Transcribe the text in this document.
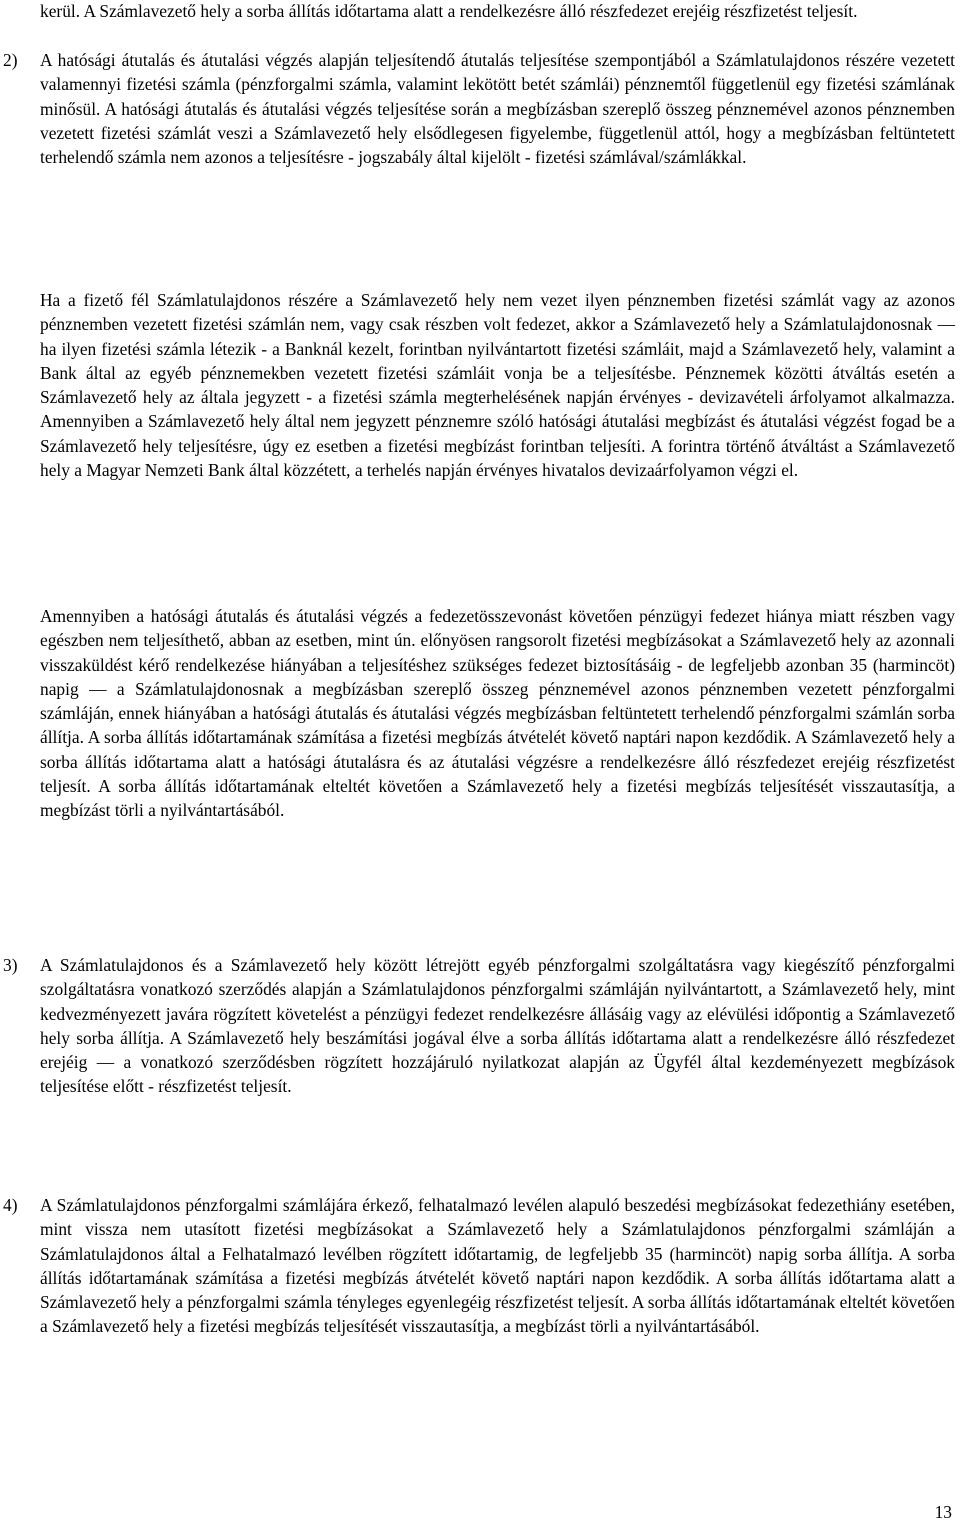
kerül. A Számlavezető hely a sorba állítás időtartama alatt a rendelkezésre álló részfedezet erejéig részfizetést teljesít.

2) A hatósági átutalás és átutalási végzés alapján teljesítendő átutalás teljesítése szempontjából a Számlatulajdonos részére vezetett valamennyi fizetési számla (pénzforgalmi számla, valamint lekötött betét számlái) pénznemtől függetlenül egy fizetési számlának minősül. A hatósági átutalás és átutalási végzés teljesítése során a megbízásban szereplő összeg pénznemével azonos pénznemben vezetett fizetési számlát veszi a Számlavezető hely elsődlegesen figyelembe, függetlenül attól, hogy a megbízásban feltüntetett terhelendő számla nem azonos a teljesítésre - jogszabály által kijelölt - fizetési számlával/számlákkal.

Ha a fizető fél Számlatulajdonos részére a Számlavezető hely nem vezet ilyen pénznemben fizetési számlát vagy az azonos pénznemben vezetett fizetési számlán nem, vagy csak részben volt fedezet, akkor a Számlavezető hely a Számlatulajdonosnak — ha ilyen fizetési számla létezik - a Banknál kezelt, forintban nyilvántartott fizetési számláit, majd a Számlavezető hely, valamint a Bank által az egyéb pénznemekben vezetett fizetési számláit vonja be a teljesítésbe. Pénznemek közötti átváltás esetén a Számlavezető hely az általa jegyzett - a fizetési számla megterhelésének napján érvényes - devizavételi árfolyamot alkalmazza. Amennyiben a Számlavezető hely által nem jegyzett pénznemre szóló hatósági átutalási megbízást és átutalási végzést fogad be a Számlavezető hely teljesítésre, úgy ez esetben a fizetési megbízást forintban teljesíti. A forintra történő átváltást a Számlavezető hely a Magyar Nemzeti Bank által közzétett, a terhelés napján érvényes hivatalos devizaárfolyamon végzi el.

Amennyiben a hatósági átutalás és átutalási végzés a fedezetösszevonást követően pénzügyi fedezet hiánya miatt részben vagy egészben nem teljesíthető, abban az esetben, mint ún. előnyösen rangsorolt fizetési megbízásokat a Számlavezető hely az azonnali visszaküldést kérő rendelkezése hiányában a teljesítéshez szükséges fedezet biztosításáig - de legfeljebb azonban 35 (harmincöt) napig — a Számlatulajdonosnak a megbízásban szereplő összeg pénznemével azonos pénznemben vezetett pénzforgalmi számláján, ennek hiányában a hatósági átutalás és átutalási végzés megbízásban feltüntetett terhelendő pénzforgalmi számlán sorba állítja. A sorba állítás időtartamának számítása a fizetési megbízás átvételét követő naptári napon kezdődik. A Számlavezető hely a sorba állítás időtartama alatt a hatósági átutalásra és az átutalási végzésre a rendelkezésre álló részfedezet erejéig részfizetést teljesít. A sorba állítás időtartamának elteltét követően a Számlavezető hely a fizetési megbízás teljesítését visszautasítja, a megbízást törli a nyilvántartásából.

3) A Számlatulajdonos és a Számlavezető hely között létrejött egyéb pénzforgalmi szolgáltatásra vagy kiegészítő pénzforgalmi szolgáltatásra vonatkozó szerződés alapján a Számlatulajdonos pénzforgalmi számláján nyilvántartott, a Számlavezető hely, mint kedvezményezett javára rögzített követelést a pénzügyi fedezet rendelkezésre állásáig vagy az elévülési időpontig a Számlavezető hely sorba állítja. A Számlavezető hely beszámítási jogával élve a sorba állítás időtartama alatt a rendelkezésre álló részfedezet erejéig — a vonatkozó szerződésben rögzített hozzájáruló nyilatkozat alapján az Ügyfél által kezdeményezett megbízások teljesítése előtt - részfizetést teljesít.

4) A Számlatulajdonos pénzforgalmi számlájára érkező, felhatalmazó levélen alapuló beszedési megbízásokat fedezethiány esetében, mint vissza nem utasított fizetési megbízásokat a Számlavezető hely a Számlatulajdonos pénzforgalmi számláján a Számlatulajdonos által a Felhatalmazó levélben rögzített időtartamig, de legfeljebb 35 (harmincöt) napig sorba állítja. A sorba állítás időtartamának számítása a fizetési megbízás átvételét követő naptári napon kezdődik. A sorba állítás időtartama alatt a Számlavezető hely a pénzforgalmi számla tényleges egyenlegéig részfizetést teljesít. A sorba állítás időtartamának elteltét követően a Számlavezető hely a fizetési megbízás teljesítését visszautasítja, a megbízást törli a nyilvántartásából.

13
